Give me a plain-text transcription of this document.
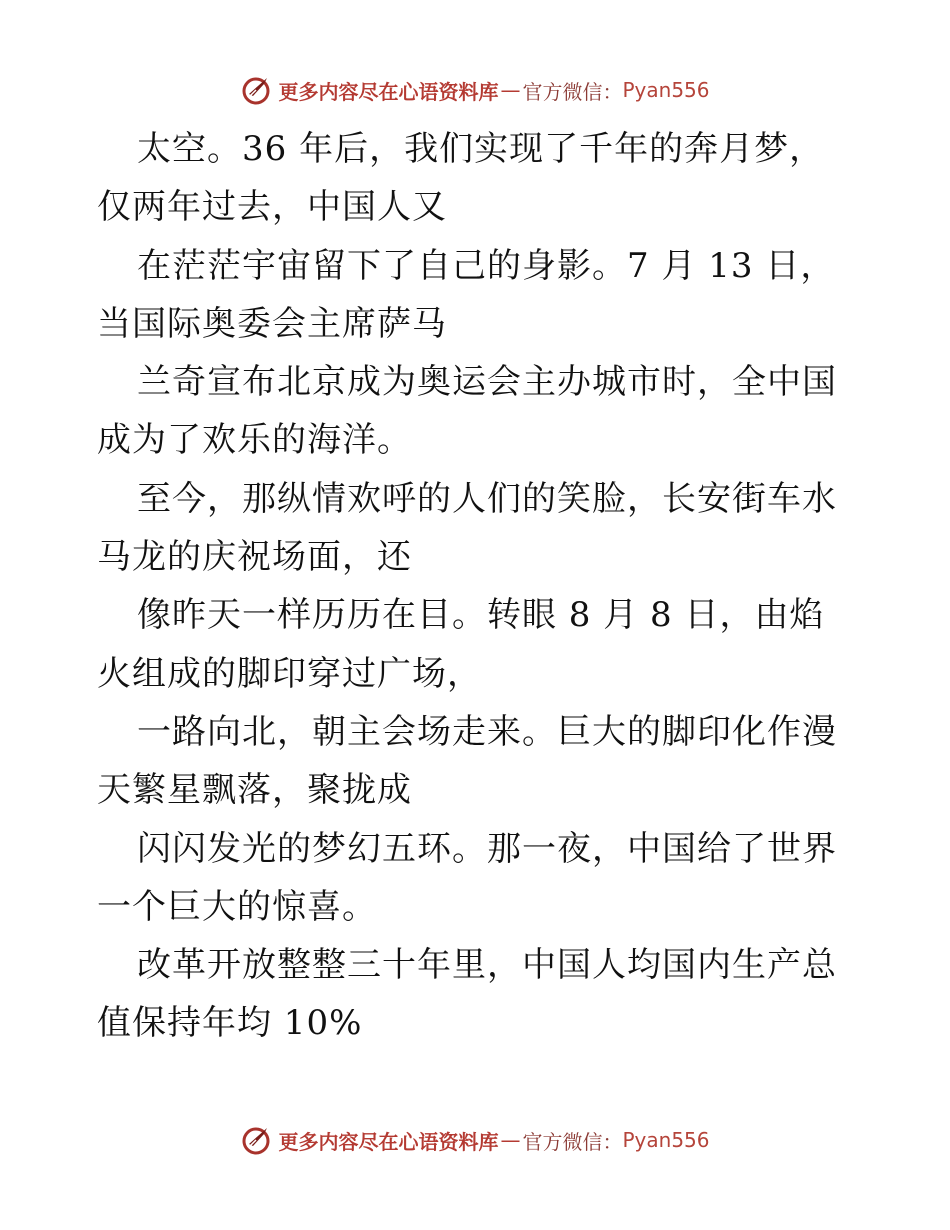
更多内容尽在心语资料库 — 官方微信： Pyan556

太空。36 年后，我们实现了千年的奔月梦，仅两年过去，中国人又

在茫茫宇宙留下了自己的身影。7 月 13 日，当国际奥委会主席萨马

兰奇宣布北京成为奥运会主办城市时，全中国成为了欢乐的海洋。

至今，那纵情欢呼的人们的笑脸，长安街车水马龙的庆祝场面，还

像昨天一样历历在目。转眼 8 月 8 日，由焰火组成的脚印穿过广场，

一路向北，朝主会场走来。巨大的脚印化作漫天繁星飘落，聚拢成

闪闪发光的梦幻五环。那一夜，中国给了世界一个巨大的惊喜。

改革开放整整三十年里，中国人均国内生产总值保持年均 10%

更多内容尽在心语资料库 — 官方微信： Pyan556
